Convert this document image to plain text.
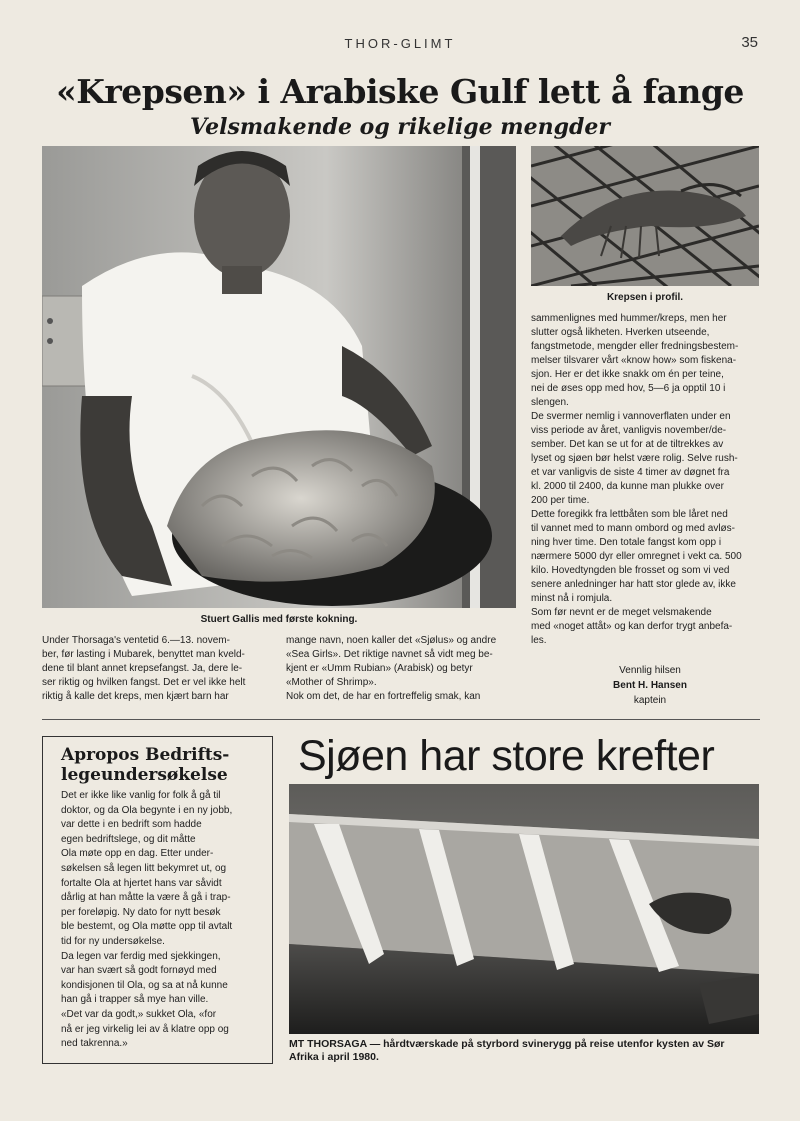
THOR-GLIMT	35
«Krepsen» i Arabiske Gulf lett å fange
Velsmakende og rikelige mengder
Stuert Gallis med første kokning.
Krepsen i profil.
Under Thorsaga's ventetid 6.—13. novem-
ber, før lasting i Mubarek, benyttet man kveld-
dene til blant annet krepsefangst. Ja, dere le-
ser riktig og hvilken fangst. Det er vel ikke helt
riktig å kalle det kreps, men kjært barn har
mange navn, noen kaller det «Sjølus» og andre
«Sea Girls». Det riktige navnet så vidt meg be-
kjent er «Umm Rubian» (Arabisk) og betyr
«Mother of Shrimp».
Nok om det, de har en fortreffelig smak, kan
sammenlignes med hummer/kreps, men her
slutter også likheten. Hverken utseende,
fangstmetode, mengder eller fredningsbestem-
melser tilsvarer vårt «know how» som fiskena-
sjon. Her er det ikke snakk om én per teine,
nei de øses opp med hov, 5—6 ja opptil 10 i
slengen.
De svermer nemlig i vannoverflaten under en
viss periode av året, vanligvis november/de-
sember. Det kan se ut for at de tiltrekkes av
lyset og sjøen bør helst være rolig. Selve rush-
et var vanligvis de siste 4 timer av døgnet fra
kl. 2000 til 2400, da kunne man plukke over
200 per time.
Dette foregikk fra lettbåten som ble låret ned
til vannet med to mann ombord og med avløs-
ning hver time. Den totale fangst kom opp i
nærmere 5000 dyr eller omregnet i vekt ca. 500
kilo. Hovedtyngden ble frosset og som vi ved
senere anledninger har hatt stor glede av, ikke
minst nå i romjula.
Som før nevnt er de meget velsmakende
med «noget attåt» og kan derfor trygt anbefa-
les.
Vennlig hilsen
Bent H. Hansen
kaptein
Apropos Bedrifts-
legeundersøkelse
Det er ikke like vanlig for folk å gå til
doktor, og da Ola begynte i en ny jobb,
var dette i en bedrift som hadde
egen bedriftslege, og dit måtte
Ola møte opp en dag. Etter under-
søkelsen så legen litt bekymret ut, og
fortalte Ola at hjertet hans var såvidt
dårlig at han måtte la være å gå i trap-
per foreløpig. Ny dato for nytt besøk
ble bestemt, og Ola møtte opp til avtalt
tid for ny undersøkelse.
Da legen var ferdig med sjekkingen,
var han svært så godt fornøyd med
kondisjonen til Ola, og sa at nå kunne
han gå i trapper så mye han ville.
«Det var da godt,» sukket Ola, «for
nå er jeg virkelig lei av å klatre opp og
ned takrenna.»
Sjøen har store krefter
MT THORSAGA — hårdtværskade på styrbord svinerygg på reise utenfor kysten av Sør
Afrika i april 1980.
